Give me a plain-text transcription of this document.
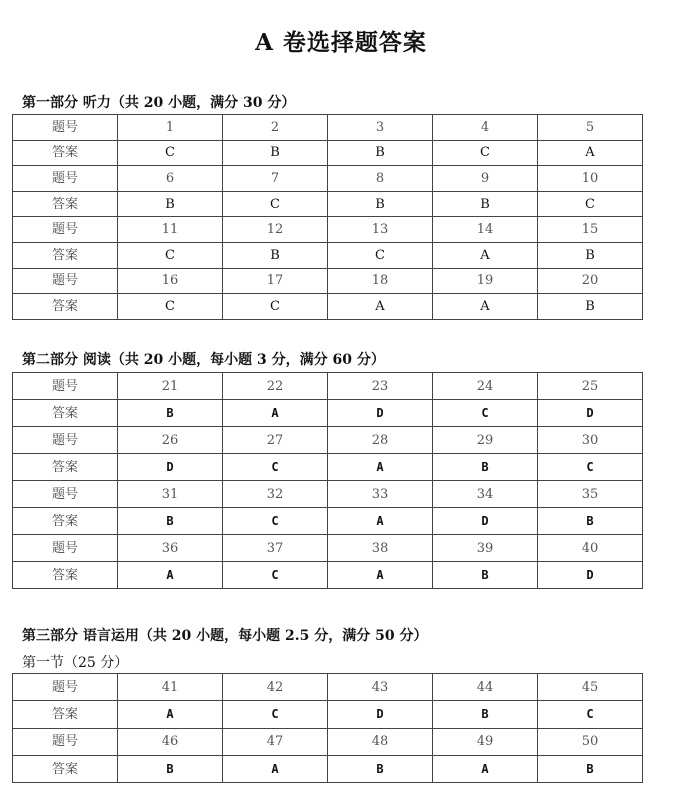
A 卷选择题答案
第一部分 听力（共 20 小题，满分 30 分）
题号	1	2	3	4	5
答案	C	B	B	C	A
题号	6	7	8	9	10
答案	B	C	B	B	C
题号	11	12	13	14	15
答案	C	B	C	A	B
题号	16	17	18	19	20
答案	C	C	A	A	B
第二部分 阅读（共 20 小题，每小题 3 分，满分 60 分）
题号	21	22	23	24	25
答案	B	A	D	C	D
题号	26	27	28	29	30
答案	D	C	A	B	C
题号	31	32	33	34	35
答案	B	C	A	D	B
题号	36	37	38	39	40
答案	A	C	A	B	D
第三部分 语言运用（共 20 小题，每小题 2.5 分，满分 50 分）
第一节（25 分）
题号	41	42	43	44	45
答案	A	C	D	B	C
题号	46	47	48	49	50
答案	B	A	B	A	B
